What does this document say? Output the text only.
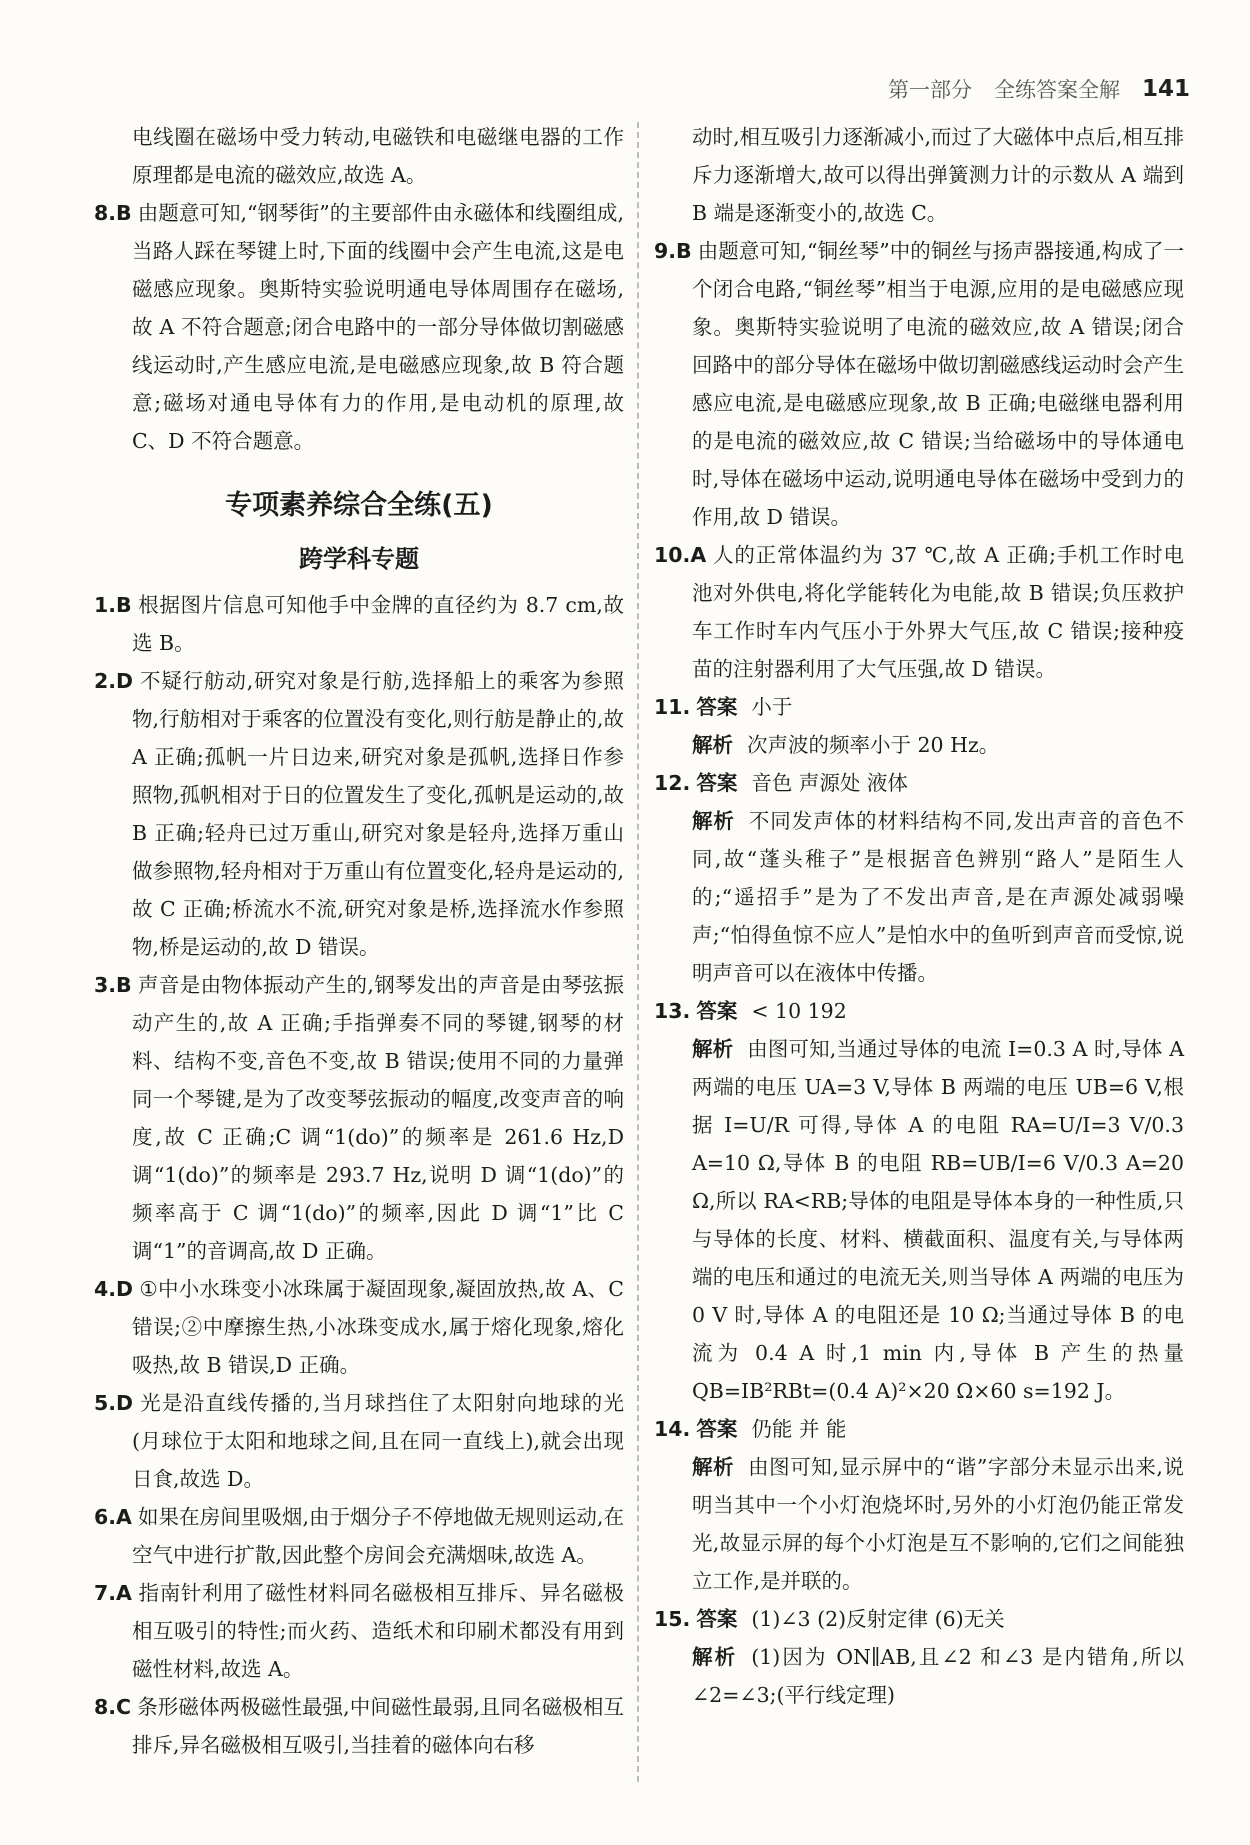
第一部分 全练答案全解 141

电线圈在磁场中受力转动,电磁铁和电磁继电器的工作原理都是电流的磁效应,故选 A。

8.B 由题意可知,“钢琴街”的主要部件由永磁体和线圈组成,当路人踩在琴键上时,下面的线圈中会产生电流,这是电磁感应现象。奥斯特实验说明通电导体周围存在磁场,故 A 不符合题意;闭合电路中的一部分导体做切割磁感线运动时,产生感应电流,是电磁感应现象,故 B 符合题意;磁场对通电导体有力的作用,是电动机的原理,故 C、D 不符合题意。

专项素养综合全练(五)
跨学科专题

1.B 根据图片信息可知他手中金牌的直径约为 8.7 cm,故选 B。

2.D 不疑行舫动,研究对象是行舫,选择船上的乘客为参照物,行舫相对于乘客的位置没有变化,则行舫是静止的,故 A 正确;孤帆一片日边来,研究对象是孤帆,选择日作参照物,孤帆相对于日的位置发生了变化,孤帆是运动的,故 B 正确;轻舟已过万重山,研究对象是轻舟,选择万重山做参照物,轻舟相对于万重山有位置变化,轻舟是运动的,故 C 正确;桥流水不流,研究对象是桥,选择流水作参照物,桥是运动的,故 D 错误。

3.B 声音是由物体振动产生的,钢琴发出的声音是由琴弦振动产生的,故 A 正确;手指弹奏不同的琴键,钢琴的材料、结构不变,音色不变,故 B 错误;使用不同的力量弹同一个琴键,是为了改变琴弦振动的幅度,改变声音的响度,故 C 正确;C 调“1(do)”的频率是 261.6 Hz,D 调“1(do)”的频率是 293.7 Hz,说明 D 调“1(do)”的频率高于 C 调“1(do)”的频率,因此 D 调“1”比 C 调“1”的音调高,故 D 正确。

4.D ①中小水珠变小冰珠属于凝固现象,凝固放热,故 A、C 错误;②中摩擦生热,小冰珠变成水,属于熔化现象,熔化吸热,故 B 错误,D 正确。

5.D 光是沿直线传播的,当月球挡住了太阳射向地球的光(月球位于太阳和地球之间,且在同一直线上),就会出现日食,故选 D。

6.A 如果在房间里吸烟,由于烟分子不停地做无规则运动,在空气中进行扩散,因此整个房间会充满烟味,故选 A。

7.A 指南针利用了磁性材料同名磁极相互排斥、异名磁极相互吸引的特性;而火药、造纸术和印刷术都没有用到磁性材料,故选 A。

8.C 条形磁体两极磁性最强,中间磁性最弱,且同名磁极相互排斥,异名磁极相互吸引,当挂着的磁体向右移

动时,相互吸引力逐渐减小,而过了大磁体中点后,相互排斥力逐渐增大,故可以得出弹簧测力计的示数从 A 端到 B 端是逐渐变小的,故选 C。

9.B 由题意可知,“铜丝琴”中的铜丝与扬声器接通,构成了一个闭合电路,“铜丝琴”相当于电源,应用的是电磁感应现象。奥斯特实验说明了电流的磁效应,故 A 错误;闭合回路中的部分导体在磁场中做切割磁感线运动时会产生感应电流,是电磁感应现象,故 B 正确;电磁继电器利用的是电流的磁效应,故 C 错误;当给磁场中的导体通电时,导体在磁场中运动,说明通电导体在磁场中受到力的作用,故 D 错误。

10.A 人的正常体温约为 37 ℃,故 A 正确;手机工作时电池对外供电,将化学能转化为电能,故 B 错误;负压救护车工作时车内气压小于外界大气压,故 C 错误;接种疫苗的注射器利用了大气压强,故 D 错误。

11. 答案 小于

解析 次声波的频率小于 20 Hz。

12. 答案 音色 声源处 液体

解析 不同发声体的材料结构不同,发出声音的音色不同,故“蓬头稚子”是根据音色辨别“路人”是陌生人的;“遥招手”是为了不发出声音,是在声源处减弱噪声;“怕得鱼惊不应人”是怕水中的鱼听到声音而受惊,说明声音可以在液体中传播。

13. 答案 < 10 192

解析 由图可知,当通过导体的电流 I=0.3 A 时,导体 A 两端的电压 UA=3 V,导体 B 两端的电压 UB=6 V,根据 I=U/R 可得,导体 A 的电阻 RA=U/I=3 V/0.3 A=10 Ω,导体 B 的电阻 RB=UB/I=6 V/0.3 A=20 Ω,所以 RA<RB;导体的电阻是导体本身的一种性质,只与导体的长度、材料、横截面积、温度有关,与导体两端的电压和通过的电流无关,则当导体 A 两端的电压为 0 V 时,导体 A 的电阻还是 10 Ω;当通过导体 B 的电流为 0.4 A 时,1 min 内,导体 B 产生的热量 QB=IB²RBt=(0.4 A)²×20 Ω×60 s=192 J。

14. 答案 仍能 并 能

解析 由图可知,显示屏中的“谐”字部分未显示出来,说明当其中一个小灯泡烧坏时,另外的小灯泡仍能正常发光,故显示屏的每个小灯泡是互不影响的,它们之间能独立工作,是并联的。

15. 答案 (1)∠3 (2)反射定律 (6)无关

解析 (1)因为 ON∥AB,且∠2 和∠3 是内错角,所以∠2=∠3;(平行线定理)
